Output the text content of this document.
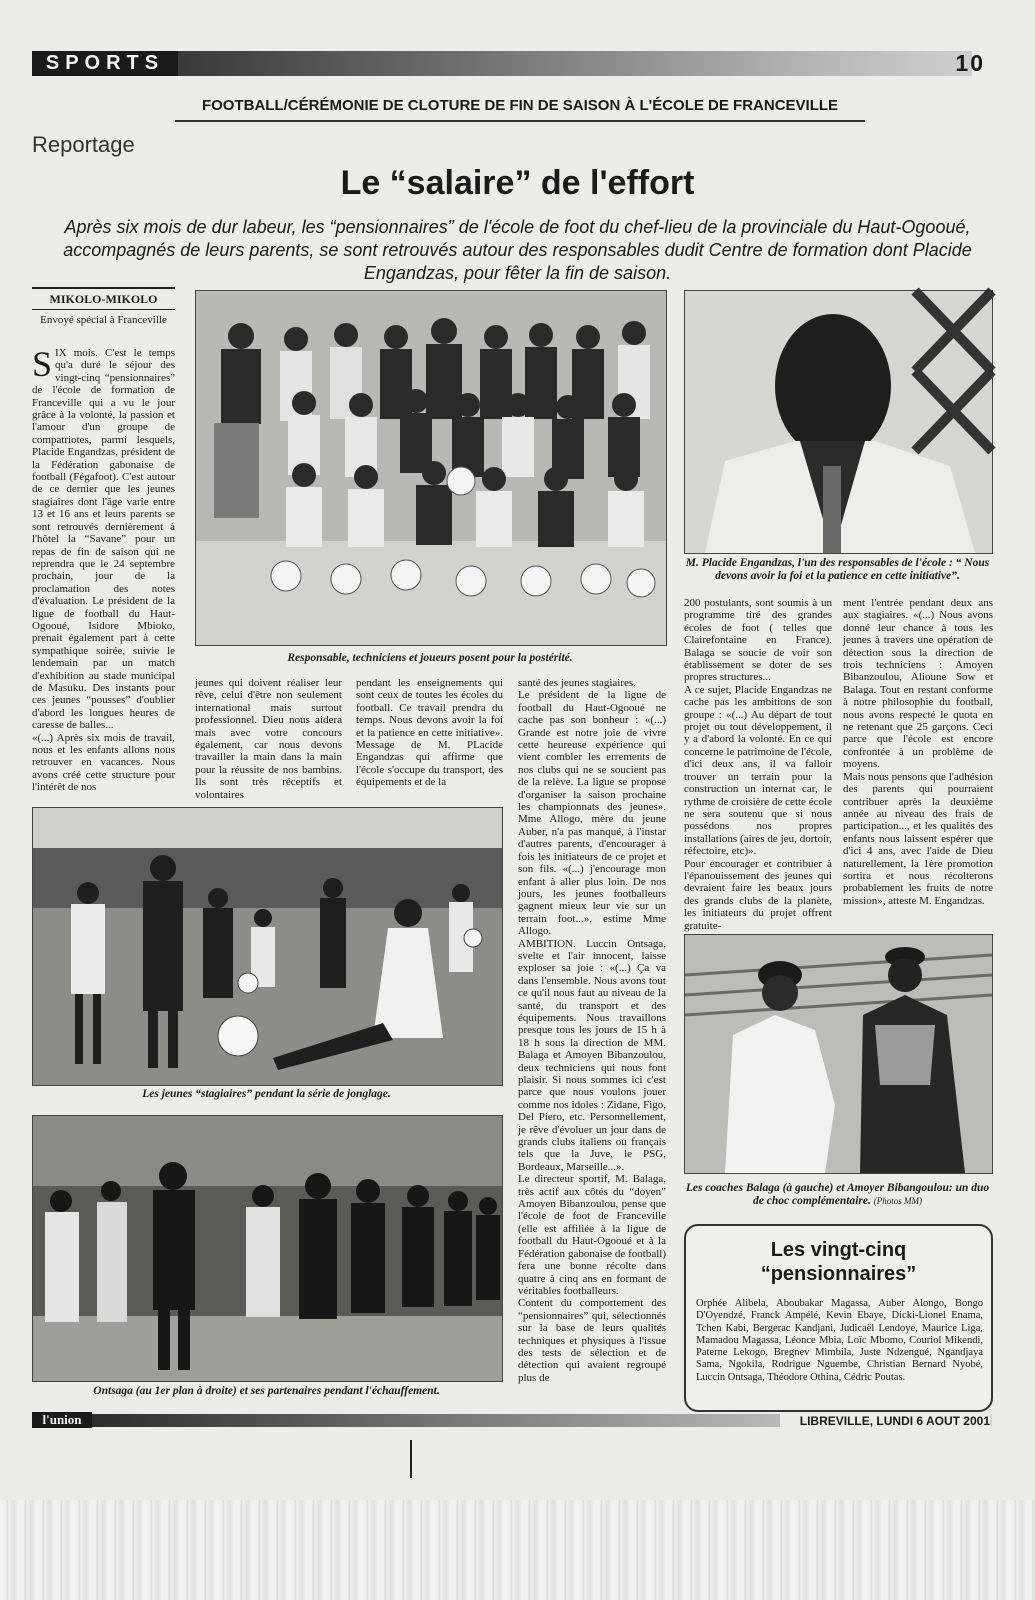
SPORTS	10
FOOTBALL/CÉRÉMONIE DE CLOTURE DE FIN DE SAISON À L'ÉCOLE DE FRANCEVILLE
Reportage
Le “salaire” de l'effort
Après six mois de dur labeur, les “pensionnaires” de l'école de foot du chef-lieu de la provinciale du Haut-Ogooué, accompagnés de leurs parents, se sont retrouvés autour des responsables dudit Centre de formation dont Placide Engandzas, pour fêter la fin de saison.
MIKOLO-MIKOLO
Envoyé spécial à Franceville

SIX mois. C'est le temps qu'a duré le séjour des vingt-cinq “pensionnaires” de l'école de formation de Franceville qui a vu le jour grâce à la volonté, la passion et l'amour d'un groupe de compatriotes, parmi lesquels, Placide Engandzas, président de la Fédération gabonaise de football (Fégafoot). C'est autour de ce dernier que les jeunes stagiaires dont l'âge varie entre 13 et 16 ans et leurs parents se sont retrouvés dernièrement à l'hôtel la “Savane” pour un repas de fin de saison qui ne reprendra que le 24 septembre prochain, jour de la proclamation des notes d'évaluation. Le président de la ligue de football du Haut-Ogooué, Isidore Mbioko, prenait également part à cette sympathique soirée, suivie le lendemain par un match d'exhibition au stade municipal de Masuku. Des instants pour ces jeunes “pousses” d'oublier d'abord les longues heures de caresse de balles...

«(...) Après six mois de travail, nous et les enfants allons nous retrouver en vacances. Nous avons créé cette structure pour l'intérêt de nos

Responsable, techniciens et joueurs posent pour la postérité.
jeunes qui doivent réaliser leur rêve, celui d'être non seulement international mais surtout professionnel. Dieu nous aidera mais avec votre concours également, car nous devons travailler la main dans la main pour la réussite de nos bambins. Ils sont très réceptifs et volontaires
pendant les enseignements qui sont ceux de toutes les écoles du football. Ce travail prendra du temps. Nous devons avoir la foi et la patience en cette initiative». Message de M. PLacide Engandzas qui affirme que l'école s'occupe du transport, des équipements et de la

santé des jeunes stagiaires.

Le président de la ligue de football du Haut-Ogooué ne cache pas son bonheur : «(...) Grande est notre joie de vivre cette heureuse expérience qui vient combler les errements de nos clubs qui ne se soucient pas de la relève. La ligue se propose d'organiser la saison prochaine les championnats des jeunes». Mme Allogo, mère du jeune Auber, n'a pas manqué, à l'instar d'autres parents, d'encourager à fois les initiateurs de ce projet et son fils. «(...) j'encourage mon enfant à aller plus loin. De nos jours, les jeunes footballeurs gagnent mieux leur vie sur un terrain foot...», estime Mme Allogo.

AMBITION. Luccin Ontsaga, svelte et l'air innocent, laisse exploser sa joie : «(...) Ça va dans l'ensemble. Nous avons tout ce qu'il nous faut au niveau de la santé, du transport et des équipements. Nous travaillons presque tous les jours de 15 h à 18 h sous la direction de MM. Balaga et Amoyen Bibanzoulou, deux techniciens qui nous font plaisir. Si nous sommes ici c'est parce que nous voulons jouer comme nos idoles : Zidane, Figo, Del Piero, etc. Personnellement, je rêve d'évoluer un jour dans de grands clubs italiens ou français tels que la Juve, le PSG, Bordeaux, Marseille...».

Le directeur sportif, M. Balaga, très actif aux côtés du “doyen” Amoyen Bibanzoulou, pense que l'école de foot de Franceville (elle est affiliée à la ligue de football du Haut-Ogooué et à la Fédération gabonaise de football) fera une bonne récolte dans quatre à cinq ans en formant de véritables footballeurs.

Content du comportement des “pensionnaires” qui, sélectionnés sur la base de leurs qualités techniques et physiques à l'issue des tests de sélection et de détection qui avaient regroupé plus de

M. Placide Engandzas, l'un des responsables de l'école : “ Nous devons avoir la foi et la patience en cette initiative”.

200 postulants, sont soumis à un programme tiré des grandes écoles de foot ( telles que Clairefontaine en France). Balaga se soucie de voir son établissement se doter de ses propres structures...

A ce sujet, Placide Engandzas ne cache pas les ambitions de son groupe : «(...) Au départ de tout projet ou tout développement, il y a d'abord la volonté. En ce qui concerne le patrimoine de l'école, d'ici deux ans, il va falloir trouver un terrain pour la construction un internat car, le rythme de croisière de cette école ne sera soutenu que si nous possédons nos propres installations (aires de jeu, dortoir, réfectoire, etc)».

Pour encourager et contribuer à l'épanouissement des jeunes qui devraient faire les beaux jours des grands clubs de la planète, les initiateurs du projet offrent gratuite-

ment l'entrée pendant deux ans aux stagiaires. «(...) Nous avons donné leur chance à tous les jeunes à travers une opération de détection sous la direction de trois techniciens : Amoyen Bibanzoulou, Alioune Sow et Balaga. Tout en restant conforme à notre philosophie du football, nous avons respecté le quota en ne retenant que 25 garçons. Ceci parce que l'école est encore confrontée à un problème de moyens.

Mais nous pensons que l'adhésion des parents qui pourraient contribuer après la deuxième année au niveau des frais de participation..., et les qualités des enfants nous laissent espérer que d'ici 4 ans, avec l'aide de Dieu naturellement, la 1ère promotion sortira et nous récolterons probablement les fruits de notre mission», atteste M. Engandzas.

Les jeunes “stagiaires” pendant la série de jonglage.
Ontsaga (au 1er plan à droite) et ses partenaires pendant l'échauffement.
Les coaches Balaga (à gauche) et Amoyer Bibangoulou: un duo de choc complémentaire. (Photos MM)
Les vingt-cinq
“pensionnaires”
Orphée Alibela, Aboubakar Magassa, Auber Alongo, Bongo D'Oyendzé, Franck Ampélé, Kevin Ebaye, Dicki-Lionel Enama, Tchen Kabi, Bergerac Kandjani, Judicaël Lendoye, Maurice Liga, Mamadou Magassa, Léonce Mbia, Loïc Mbomo, Couriol Mikendi, Paterne Lekogo, Bregnev Mimbila, Juste Ndzengué, Ngandjaya Sama, Ngokila, Rodrigue Nguembe, Christian Bernard Nyobé, Luccin Ontsaga, Théodore Othina, Cédric Poutas.
l'union	LIBREVILLE, LUNDI 6 AOUT 2001
